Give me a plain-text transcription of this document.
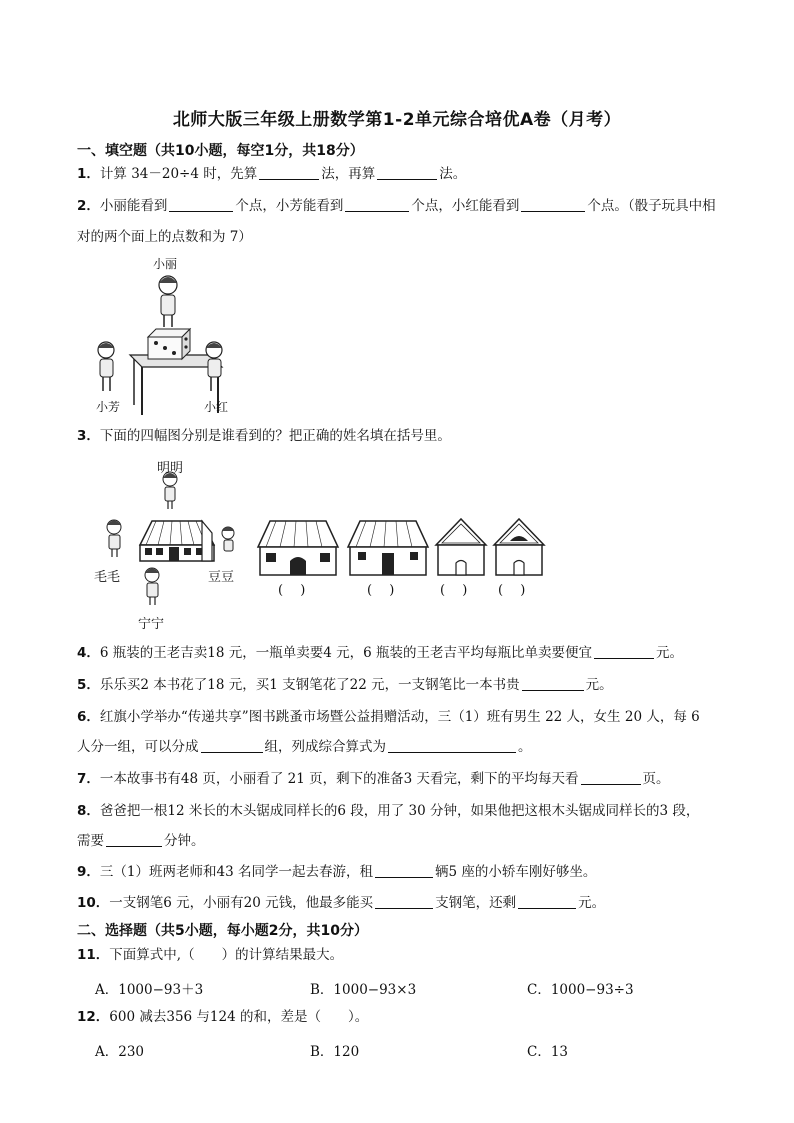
北师大版三年级上册数学第1-2单元综合培优A卷（月考）
一、填空题（共10小题，每空1分，共18分）
1．计算 34－20÷4 时，先算	法，再算	法。
2．小丽能看到	个点，小芳能看到	个点，小红能看到	个点。（骰子玩具中相
对的两个面上的点数和为 7）
小丽
小芳	小红
3．下面的四幅图分别是谁看到的？把正确的姓名填在括号里。
明明
毛毛	豆豆
宁宁
(　 )	(　 )	(　 ) (　 )
4．6 瓶装的王老吉卖18 元，一瓶单卖要4 元，6 瓶装的王老吉平均每瓶比单卖要便宜	元。
5．乐乐买2 本书花了18 元，买1 支钢笔花了22 元，一支钢笔比一本书贵	元。
6．红旗小学举办“传递共享”图书跳蚤市场暨公益捐赠活动，三（1）班有男生 22 人，女生 20 人，每 6
人分一组，可以分成	组，列成综合算式为	。
7．一本故事书有48 页，小丽看了 21 页，剩下的准备3 天看完，剩下的平均每天看	页。
8．爸爸把一根12 米长的木头锯成同样长的6 段，用了 30 分钟，如果他把这根木头锯成同样长的3 段，
需要	分钟。
9．三（1）班两老师和43 名同学一起去春游，租	辆5 座的小轿车刚好够坐。
10．一支钢笔6 元，小丽有20 元钱，他最多能买	支钢笔，还剩	元。
二、选择题（共5小题，每小题2分，共10分）
11．下面算式中,（　　）的计算结果最大。
A．1000−93＋3	B．1000−93×3	C．1000−93÷3
12．600 减去356 与124 的和，差是（　　）。
A．230	B．120	C．13
